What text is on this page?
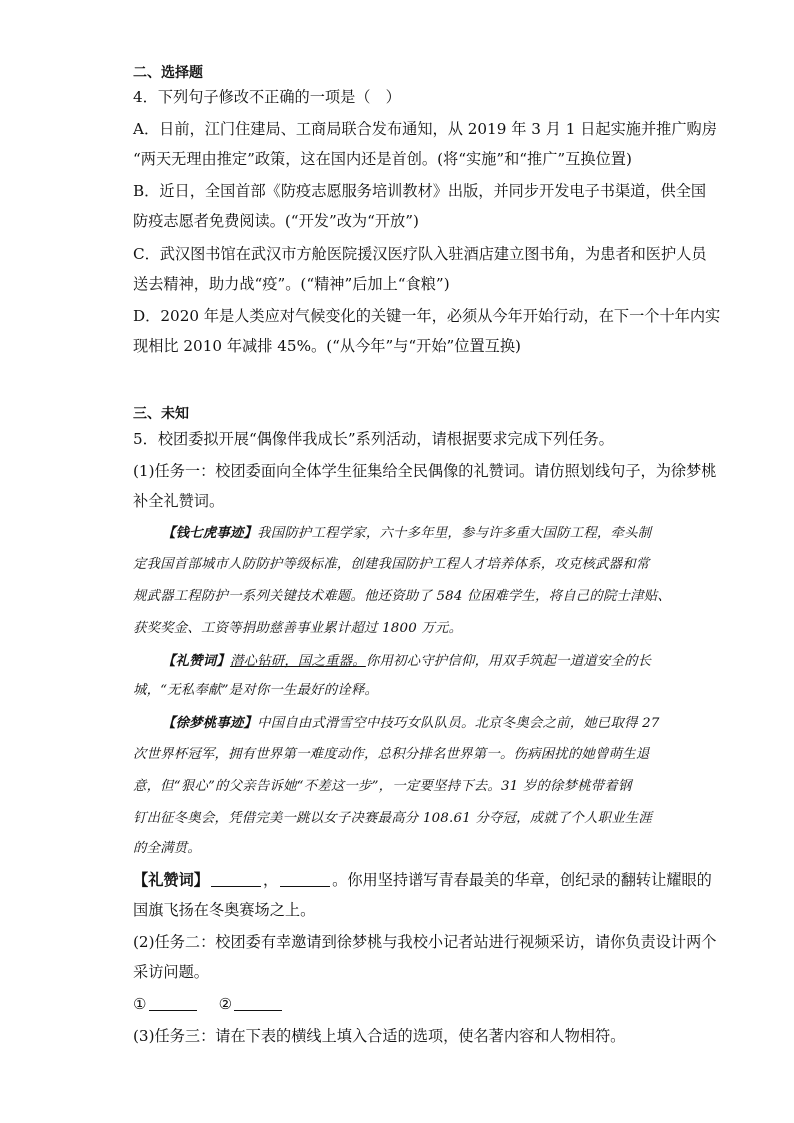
二、选择题
4．下列句子修改不正确的一项是（　）
A．日前，江门住建局、工商局联合发布通知，从 2019 年 3 月 1 日起实施并推广购房
“两天无理由推定”政策，这在国内还是首创。(将“实施”和“推广”互换位置)
B．近日，全国首部《防疫志愿服务培训教材》出版，并同步开发电子书渠道，供全国
防疫志愿者免费阅读。(“开发”改为“开放”)
C．武汉图书馆在武汉市方舱医院援汉医疗队入驻酒店建立图书角，为患者和医护人员
送去精神，助力战“疫”。(“精神”后加上“食粮”)
D．2020 年是人类应对气候变化的关键一年，必须从今年开始行动，在下一个十年内实
现相比 2010 年减排 45%。(“从今年”与“开始”位置互换)
三、未知
5．校团委拟开展“偶像伴我成长”系列活动，请根据要求完成下列任务。
(1)任务一：校团委面向全体学生征集给全民偶像的礼赞词。请仿照划线句子，为徐梦桃
补全礼赞词。
【钱七虎事迹】我国防护工程学家，六十多年里，参与许多重大国防工程，牵头制
定我国首部城市人防防护等级标准，创建我国防护工程人才培养体系，攻克核武器和常
规武器工程防护一系列关键技术难题。他还资助了 584 位困难学生，将自己的院士津贴、
获奖奖金、工资等捐助慈善事业累计超过 1800 万元。
【礼赞词】潜心钻研，国之重器。你用初心守护信仰，用双手筑起一道道安全的长
城，“无私奉献”是对你一生最好的诠释。
【徐梦桃事迹】中国自由式滑雪空中技巧女队队员。北京冬奥会之前，她已取得 27
次世界杯冠军，拥有世界第一难度动作，总积分排名世界第一。伤病困扰的她曾萌生退
意，但“狠心”的父亲告诉她“不差这一步”，一定要坚持下去。31 岁的徐梦桃带着钢
钉出征冬奥会，凭借完美一跳以女子决赛最高分 108.61 分夺冠，成就了个人职业生涯
的全满贯。
【礼赞词】	，	。你用坚持谱写青春最美的华章，创纪录的翻转让耀眼的
国旗飞扬在冬奥赛场之上。
(2)任务二：校团委有幸邀请到徐梦桃与我校小记者站进行视频采访，请你负责设计两个
采访问题。
①	②
(3)任务三：请在下表的横线上填入合适的选项，使名著内容和人物相符。
